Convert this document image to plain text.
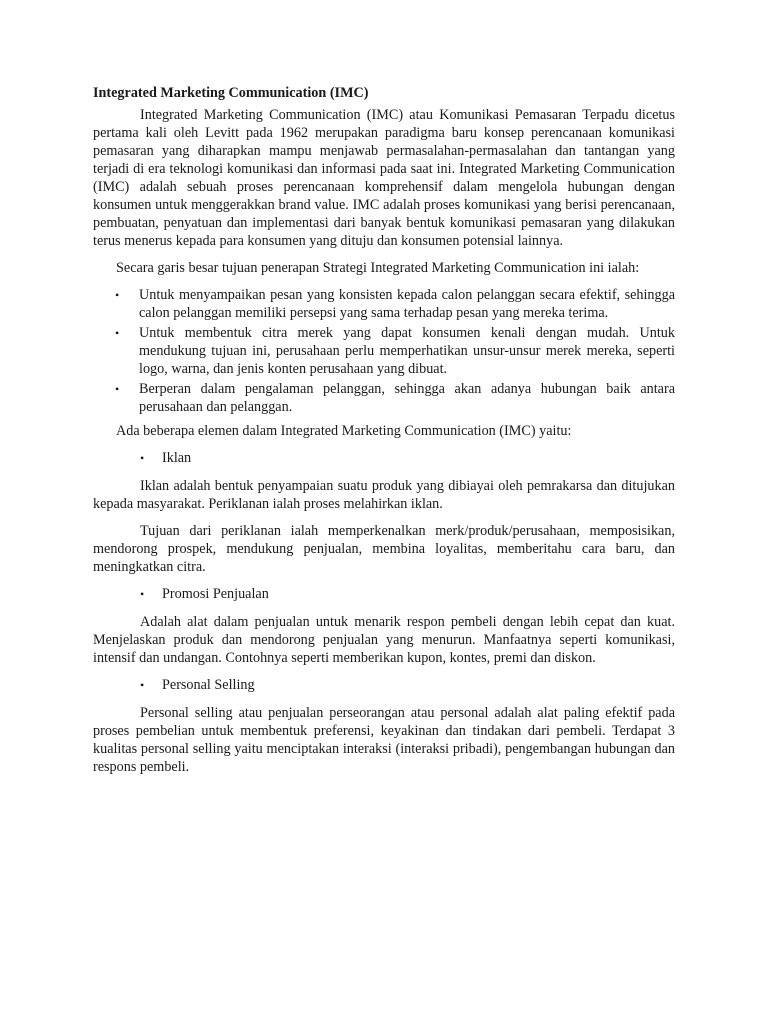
Integrated Marketing Communication (IMC)

Integrated Marketing Communication (IMC) atau Komunikasi Pemasaran Terpadu dicetus pertama kali oleh Levitt pada 1962 merupakan paradigma baru konsep perencanaan komunikasi pemasaran yang diharapkan mampu menjawab permasalahan-permasalahan dan tantangan yang terjadi di era teknologi komunikasi dan informasi pada saat ini. Integrated Marketing Communication (IMC) adalah sebuah proses perencanaan komprehensif dalam mengelola hubungan dengan konsumen untuk menggerakkan brand value. IMC adalah proses komunikasi yang berisi perencanaan, pembuatan, penyatuan dan implementasi dari banyak bentuk komunikasi pemasaran yang dilakukan terus menerus kepada para konsumen yang dituju dan konsumen potensial lainnya.

Secara garis besar tujuan penerapan Strategi Integrated Marketing Communication ini ialah:

• Untuk menyampaikan pesan yang konsisten kepada calon pelanggan secara efektif, sehingga calon pelanggan memiliki persepsi yang sama terhadap pesan yang mereka terima.
• Untuk membentuk citra merek yang dapat konsumen kenali dengan mudah. Untuk mendukung tujuan ini, perusahaan perlu memperhatikan unsur-unsur merek mereka, seperti logo, warna, dan jenis konten perusahaan yang dibuat.
• Berperan dalam pengalaman pelanggan, sehingga akan adanya hubungan baik antara perusahaan dan pelanggan.

Ada beberapa elemen dalam Integrated Marketing Communication (IMC) yaitu:

• Iklan

Iklan adalah bentuk penyampaian suatu produk yang dibiayai oleh pemrakarsa dan ditujukan kepada masyarakat. Periklanan ialah proses melahirkan iklan.

Tujuan dari periklanan ialah memperkenalkan merk/produk/perusahaan, memposisikan, mendorong prospek, mendukung penjualan, membina loyalitas, memberitahu cara baru, dan meningkatkan citra.

• Promosi Penjualan

Adalah alat dalam penjualan untuk menarik respon pembeli dengan lebih cepat dan kuat. Menjelaskan produk dan mendorong penjualan yang menurun. Manfaatnya seperti komunikasi, intensif dan undangan. Contohnya seperti memberikan kupon, kontes, premi dan diskon.

• Personal Selling

Personal selling atau penjualan perseorangan atau personal adalah alat paling efektif pada proses pembelian untuk membentuk preferensi, keyakinan dan tindakan dari pembeli. Terdapat 3 kualitas personal selling yaitu menciptakan interaksi (interaksi pribadi), pengembangan hubungan dan respons pembeli.
